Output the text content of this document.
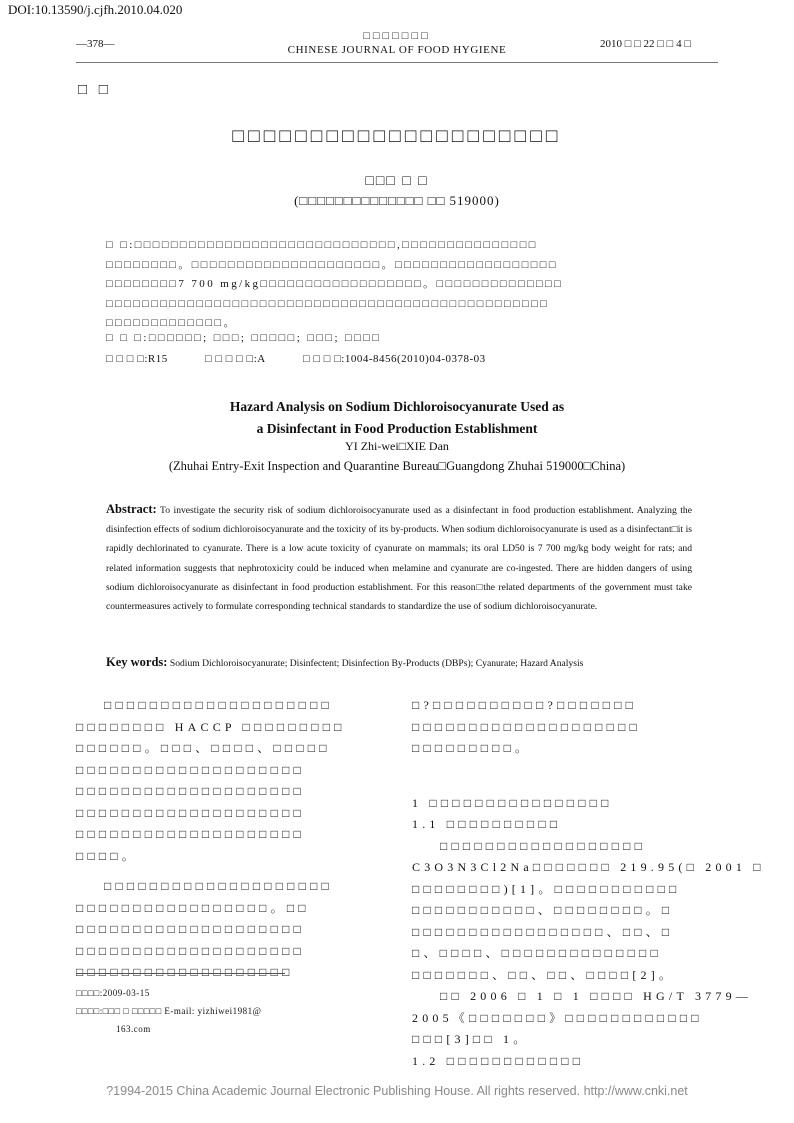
DOI:10.13590/j.cjfh.2010.04.020
—378—
□□□□□□□
CHINESE JOURNAL OF FOOD HYGIENE	2010 □ □ 22 □ □ 4 □
□ □
□□□□□□□□□□□□□□□□□□□□□
□□□ □ □
(□□□□□□□□□□□□□□ □□ 519000)
□ □:□□□□□□□□□□□□□□□□□□□□□□□□□□□□□,□□□□□□□□□□□□□□□
□□□□□□□□。□□□□□□□□□□□□□□□□□□□□□。□□□□□□□□□□□□□□□□□□
□□□□□□□□7 700 mg/kg□□□□□□□□□□□□□□□□□□。□□□□□□□□□□□□□□
□□□□□□□□□□□□□□□□□□□□□□□□□□□□□□□□□□□□□□□□□□□□□□□□□
□□□□□□□□□□□□□。
□ □ □:□□□□□□; □□□; □□□□□; □□□; □□□□
□ □ □ □:R15	□ □ □ □ □:A	□ □ □ □:1004-8456(2010)04-0378-03
Hazard Analysis on Sodium Dichloroisocyanurate Used as
a Disinfectant in Food Production Establishment
YI Zhi-wei□XIE Dan
(Zhuhai Entry-Exit Inspection and Quarantine Bureau□Guangdong Zhuhai 519000□China)
Abstract: To investigate the security risk of sodium dichloroisocyanurate used as a disinfectant in food production establishment. Analyzing the disinfection effects of sodium dichloroisocyanurate and the toxicity of its by-products. When sodium dichloroisocyanurate is used as a disinfectant□it is rapidly dechlorinated to cyanurate. There is a low acute toxicity of cyanurate on mammals; its oral LD50 is 7 700 mg/kg body weight for rats; and related information suggests that nephrotoxicity could be induced when melamine and cyanurate are co-ingested. There are hidden dangers of using sodium dichloroisocyanurate as disinfectant in food production establishment. For this reason□the related departments of the government must take countermeasures actively to formulate corresponding technical standards to standardize the use of sodium dichloroisocyanurate.
Key words: Sodium Dichloroisocyanurate; Disinfectent; Disinfection By-Products (DBPs); Cyanurate; Hazard Analysis
□□□□□□□□□□□□□□□□□□□□
□□□□□□□□ HACCP □□□□□□□□□
□□□□□□。□□□、□□□□、□□□□□
□□□□□□□□□□□□□□□□□□□□
□□□□□□□□□□□□□□□□□□□□
□□□□□□□□□□□□□□□□□□□□
□□□□□□□□□□□□□□□□□□□□
□□□□。
□□□□□□□□□□□□□□□□□□□□
□□□□□□□□□□□□□□□□□。□□
□□□□□□□□□□□□□□□□□□□□
□□□□□□□□□□□□□□□□□□□□
□□□□□□□□□□□□□□□□□□□
□?□□□□□□□□□□?□□□□□□□
□□□□□□□□□□□□□□□□□□□□
□□□□□□□□□。
1 □□□□□□□□□□□□□□□□
1.1 □□□□□□□□□□
□□□□□□□□□□□□□□□□□□
C3O3N3Cl2Na□□□□□□□ 219.95(□ 2001 □
□□□□□□□□)[1]。□□□□□□□□□□□
□□□□□□□□□□□、□□□□□□□□。□
□□□□□□□□□□□□□□□□□、□□、□
□、□□□□、□□□□□□□□□□□□□□
□□□□□□□、□□、□□、□□□□[2]。
□□ 2006 □ 1 □ 1 □□□□ HG/T 3779—
2005《□□□□□□□》□□□□□□□□□□□□
□□□[3]□□ 1。
1.2 □□□□□□□□□□□□
□□□□:2009-03-15
□□□□:□□□ □ □□□□□ E-mail: yizhiwei1981@
163.com
?1994-2015 China Academic Journal Electronic Publishing House. All rights reserved. http://www.cnki.net
